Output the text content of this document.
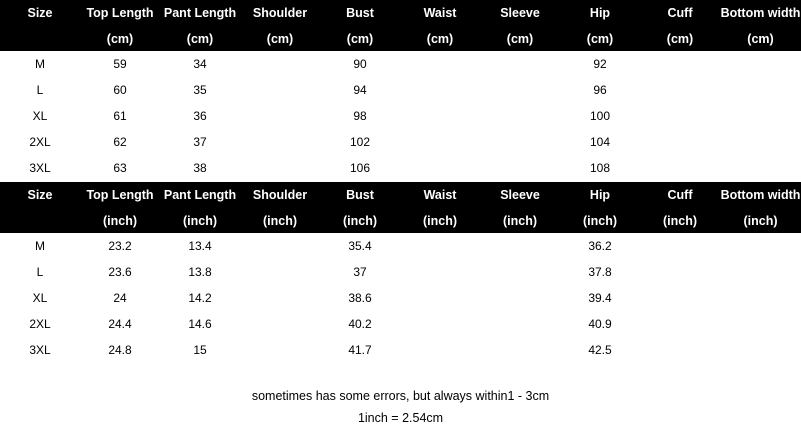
Size	Top Length	Pant Length	Shoulder	Bust	Waist	Sleeve	Hip	Cuff	Bottom width
	(cm)	(cm)	(cm)	(cm)	(cm)	(cm)	(cm)	(cm)	(cm)
M	59	34		90			92		
L	60	35		94			96		
XL	61	36		98			100		
2XL	62	37		102			104		
3XL	63	38		106			108		
Size	Top Length	Pant Length	Shoulder	Bust	Waist	Sleeve	Hip	Cuff	Bottom width
	(inch)	(inch)	(inch)	(inch)	(inch)	(inch)	(inch)	(inch)	(inch)
M	23.2	13.4		35.4			36.2		
L	23.6	13.8		37			37.8		
XL	24	14.2		38.6			39.4		
2XL	24.4	14.6		40.2			40.9		
3XL	24.8	15		41.7			42.5		
sometimes has some errors, but always within1 - 3cm
1inch = 2.54cm
